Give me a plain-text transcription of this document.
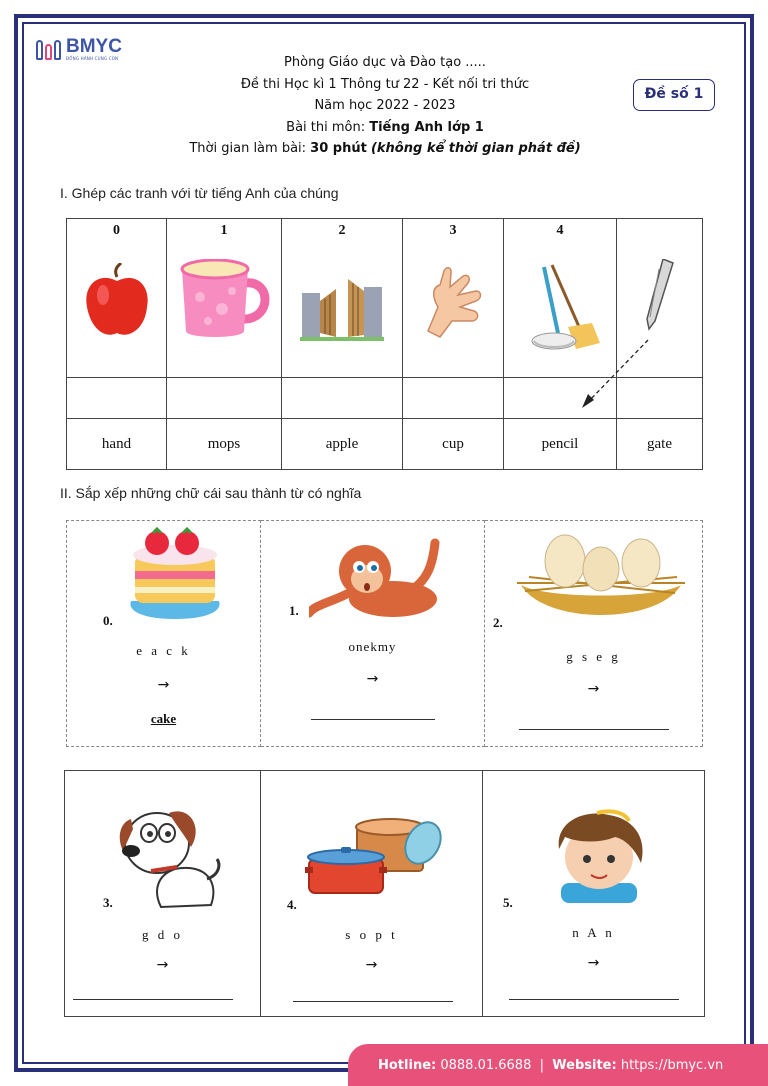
BMYC
ĐỒNG HÀNH CÙNG CON	Phòng Giáo dục và Đào tạo .....
Đề thi Học kì 1 Thông tư 22 - Kết nối tri thức
Năm học 2022 - 2023
Bài thi môn: Tiếng Anh lớp 1
Thời gian làm bài: 30 phút (không kể thời gian phát đề)
Đề số 1
I. Ghép các tranh với từ tiếng Anh của chúng
0	1	2	3	4

hand	mops	apple	cup	pencil	gate
II. Sắp xếp những chữ cái sau thành từ có nghĩa
0.
e a c k
→
cake

1.
onekmy
→

2.
g s e g
→
3.
g d o
→

4.
s o p t
→

5.
n A n
→
Hotline:
0888.01.6688
|
Website:
https://bmyc.vn
